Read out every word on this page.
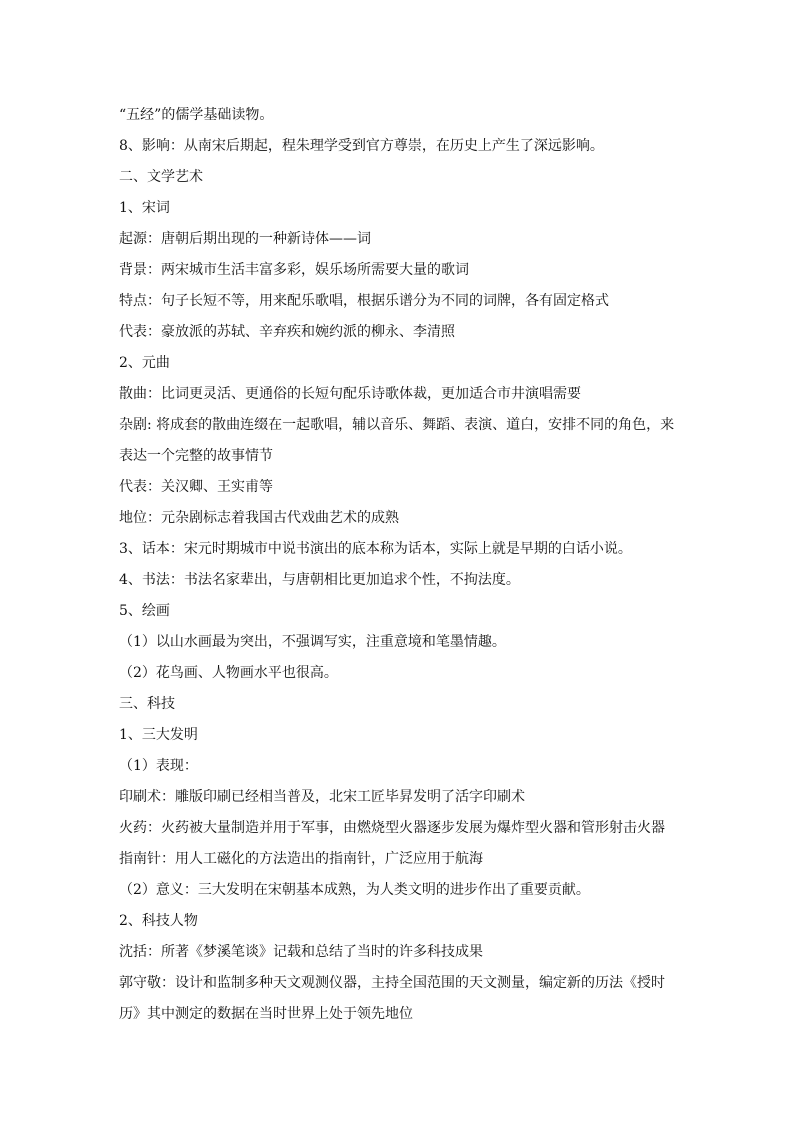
“五经”的儒学基础读物。
8、影响：从南宋后期起，程朱理学受到官方尊崇，在历史上产生了深远影响。
二、文学艺术
1、宋词
起源：唐朝后期出现的一种新诗体——词
背景：两宋城市生活丰富多彩，娱乐场所需要大量的歌词
特点：句子长短不等，用来配乐歌唱，根据乐谱分为不同的词牌，各有固定格式
代表：豪放派的苏轼、辛弃疾和婉约派的柳永、李清照
2、元曲
散曲：比词更灵活、更通俗的长短句配乐诗歌体裁，更加适合市井演唱需要
杂剧: 将成套的散曲连缀在一起歌唱，辅以音乐、舞蹈、表演、道白，安排不同的角色，来
表达一个完整的故事情节
代表：关汉卿、王实甫等
地位：元杂剧标志着我国古代戏曲艺术的成熟
3、话本：宋元时期城市中说书演出的底本称为话本，实际上就是早期的白话小说。
4、书法：书法名家辈出，与唐朝相比更加追求个性，不拘法度。
5、绘画
（1）以山水画最为突出，不强调写实，注重意境和笔墨情趣。
（2）花鸟画、人物画水平也很高。
三、科技
1、三大发明
（1）表现：
印刷术：雕版印刷已经相当普及，北宋工匠毕昇发明了活字印刷术
火药：火药被大量制造并用于军事，由燃烧型火器逐步发展为爆炸型火器和管形射击火器
指南针：用人工磁化的方法造出的指南针，广泛应用于航海
（2）意义：三大发明在宋朝基本成熟，为人类文明的进步作出了重要贡献。
2、科技人物
沈括：所著《梦溪笔谈》记载和总结了当时的许多科技成果
郭守敬：设计和监制多种天文观测仪器，主持全国范围的天文测量，编定新的历法《授时
历》其中测定的数据在当时世界上处于领先地位
